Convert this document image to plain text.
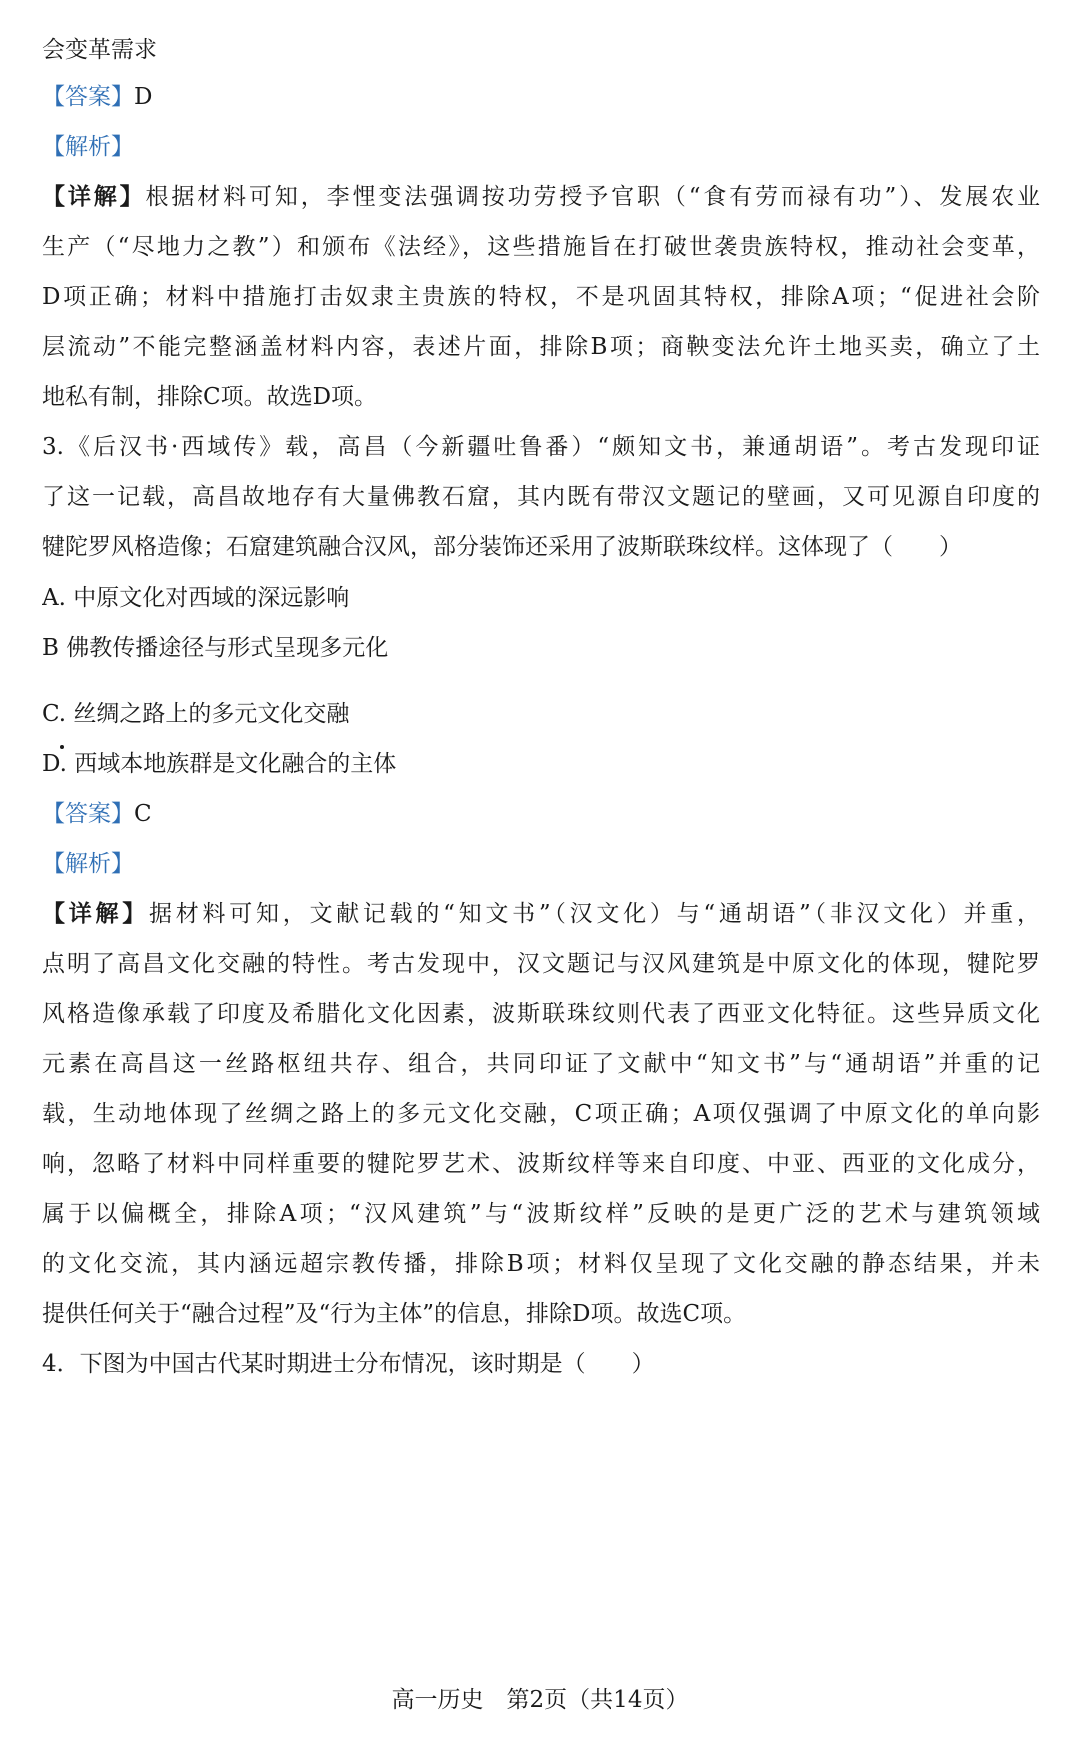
会变革需求
【答案】D
【解析】
【详解】根据材料可知，李悝变法强调按功劳授予官职（“食有劳而禄有功”）、发展农业
生产（“尽地力之教”）和颁布《法经》，这些措施旨在打破世袭贵族特权，推动社会变革，
D项正确；材料中措施打击奴隶主贵族的特权，不是巩固其特权，排除A项；“促进社会阶
层流动”不能完整涵盖材料内容，表述片面，排除B项；商鞅变法允许土地买卖，确立了土
地私有制，排除C项。故选D项。
3.《后汉书·西域传》载，高昌（今新疆吐鲁番）“颇知文书，兼通胡语”。考古发现印证
了这一记载，高昌故地存有大量佛教石窟，其内既有带汉文题记的壁画，又可见源自印度的
犍陀罗风格造像；石窟建筑融合汉风，部分装饰还采用了波斯联珠纹样。这体现了（　　）
A. 中原文化对西域的深远影响
B 佛教传播途径与形式呈现多元化
C. 丝绸之路上的多元文化交融
D. 西域本地族群是文化融合的主体
【答案】C
【解析】
【详解】据材料可知，文献记载的“知文书”（汉文化）与“通胡语”（非汉文化）并重，
点明了高昌文化交融的特性。考古发现中，汉文题记与汉风建筑是中原文化的体现，犍陀罗
风格造像承载了印度及希腊化文化因素，波斯联珠纹则代表了西亚文化特征。这些异质文化
元素在高昌这一丝路枢纽共存、组合，共同印证了文献中“知文书”与“通胡语”并重的记
载，生动地体现了丝绸之路上的多元文化交融，C项正确；A项仅强调了中原文化的单向影
响，忽略了材料中同样重要的犍陀罗艺术、波斯纹样等来自印度、中亚、西亚的文化成分，
属于以偏概全，排除A项；“汉风建筑”与“波斯纹样”反映的是更广泛的艺术与建筑领域
的文化交流，其内涵远超宗教传播，排除B项；材料仅呈现了文化交融的静态结果，并未
提供任何关于“融合过程”及“行为主体”的信息，排除D项。故选C项。
4．下图为中国古代某时期进士分布情况，该时期是（　　）
高一历史　第2页（共14页）
